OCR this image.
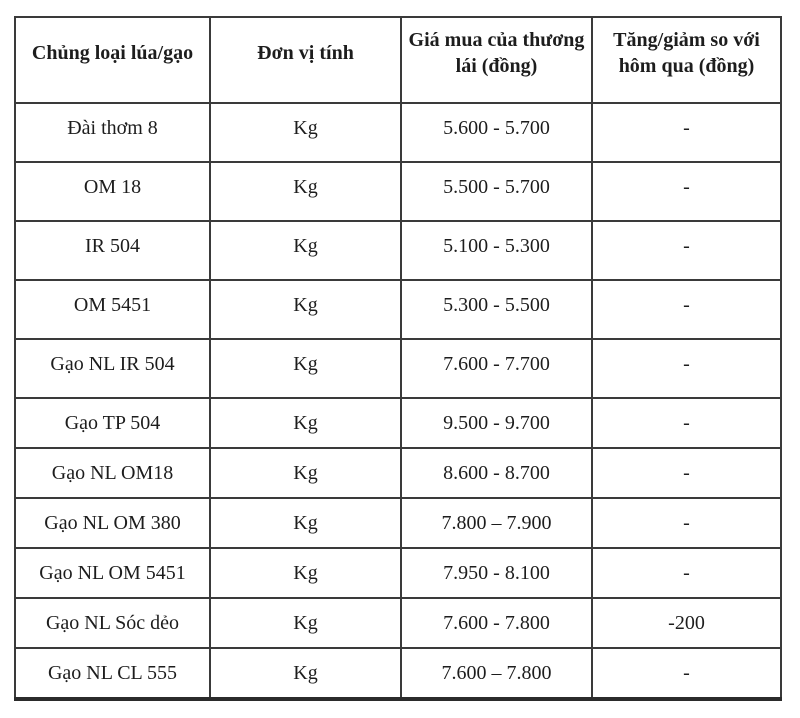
Chủng loại lúa/gạo	Đơn vị tính	Giá mua của thương lái (đồng)	Tăng/giảm so với hôm qua (đồng)
Đài thơm 8	Kg	5.600 - 5.700	-
OM 18	Kg	5.500 - 5.700	-
IR 504	Kg	5.100 - 5.300	-
OM 5451	Kg	5.300 - 5.500	-
Gạo NL IR 504	Kg	7.600 - 7.700	-
Gạo TP 504	Kg	9.500 - 9.700	-
Gạo NL OM18	Kg	8.600 - 8.700	-
Gạo NL OM 380	Kg	7.800 – 7.900	-
Gạo NL OM 5451	Kg	7.950 - 8.100	-
Gạo NL Sóc dẻo	Kg	7.600 - 7.800	-200
Gạo NL CL 555	Kg	7.600 – 7.800	-
